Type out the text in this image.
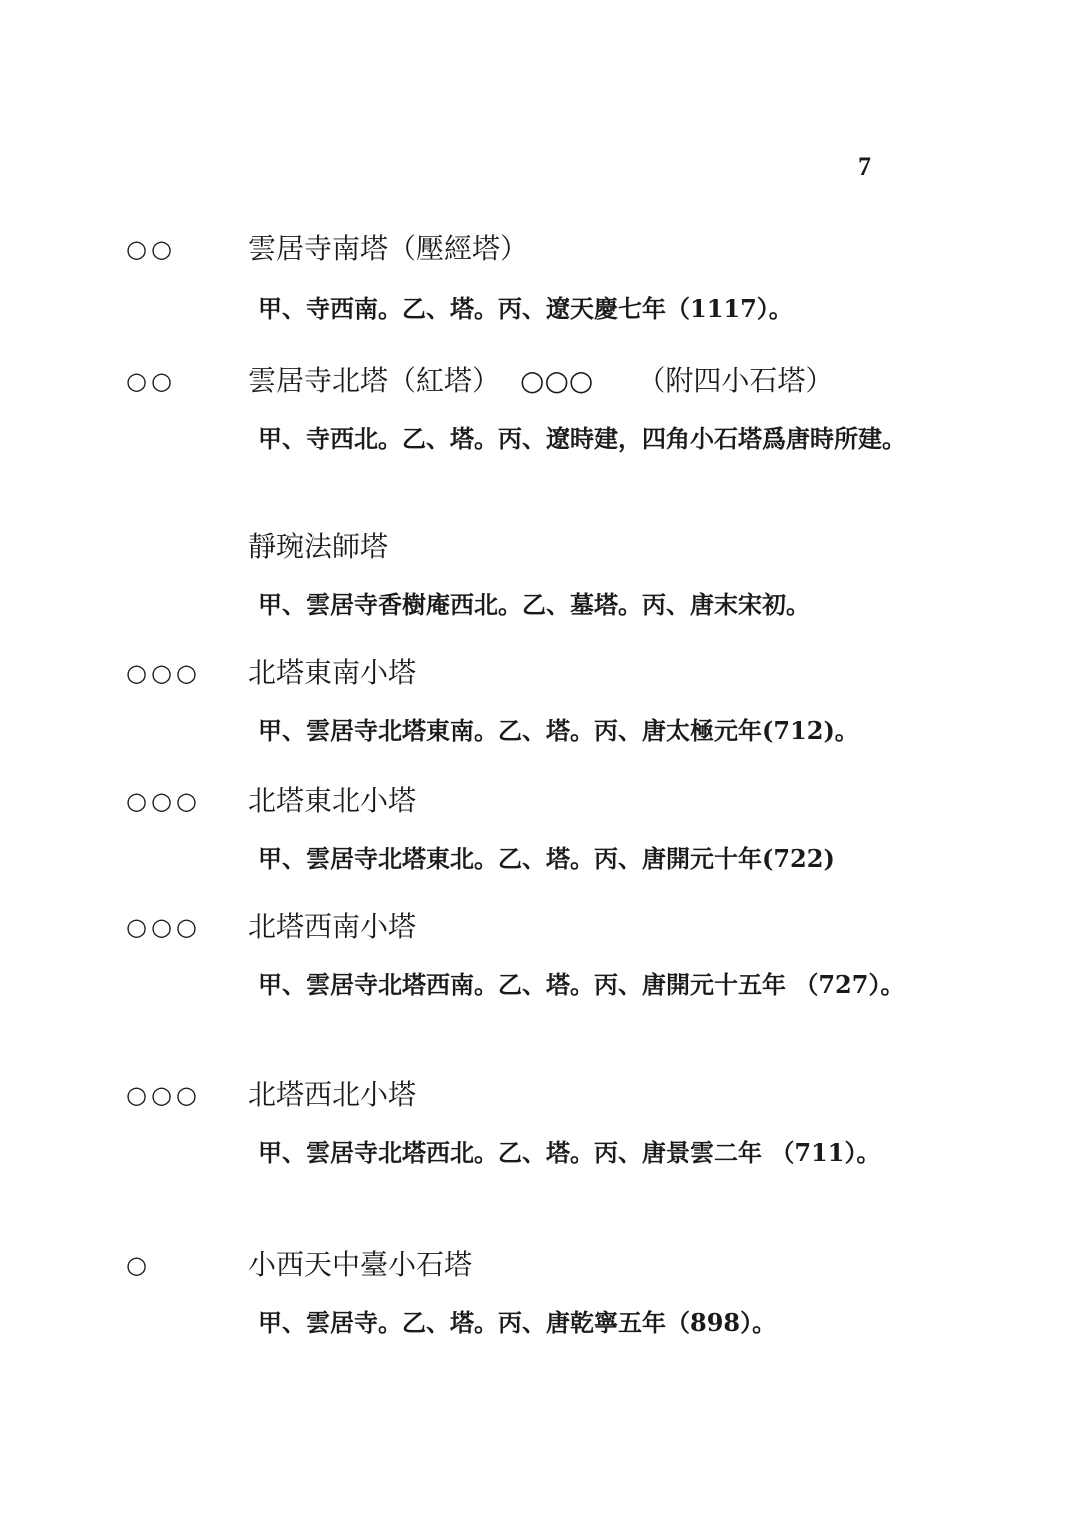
7
○○	雲居寺南塔（壓經塔）
甲、寺西南。乙、塔。丙、遼天慶七年（1117）。
○○	雲居寺北塔（紅塔） ○○○ （附四小石塔）
甲、寺西北。乙、塔。丙、遼時建，四角小石塔爲唐時所建。
靜琬法師塔
甲、雲居寺香樹庵西北。乙、墓塔。丙、唐末宋初。
○○○ 北塔東南小塔
甲、雲居寺北塔東南。乙、塔。丙、唐太極元年(712)。
○○○ 北塔東北小塔
甲、雲居寺北塔東北。乙、塔。丙、唐開元十年(722)
○○○ 北塔西南小塔
甲、雲居寺北塔西南。乙、塔。丙、唐開元十五年 （727）。
○○○ 北塔西北小塔
甲、雲居寺北塔西北。乙、塔。丙、唐景雲二年 （711）。
○	小西天中臺小石塔
甲、雲居寺。乙、塔。丙、唐乾寧五年（898）。
